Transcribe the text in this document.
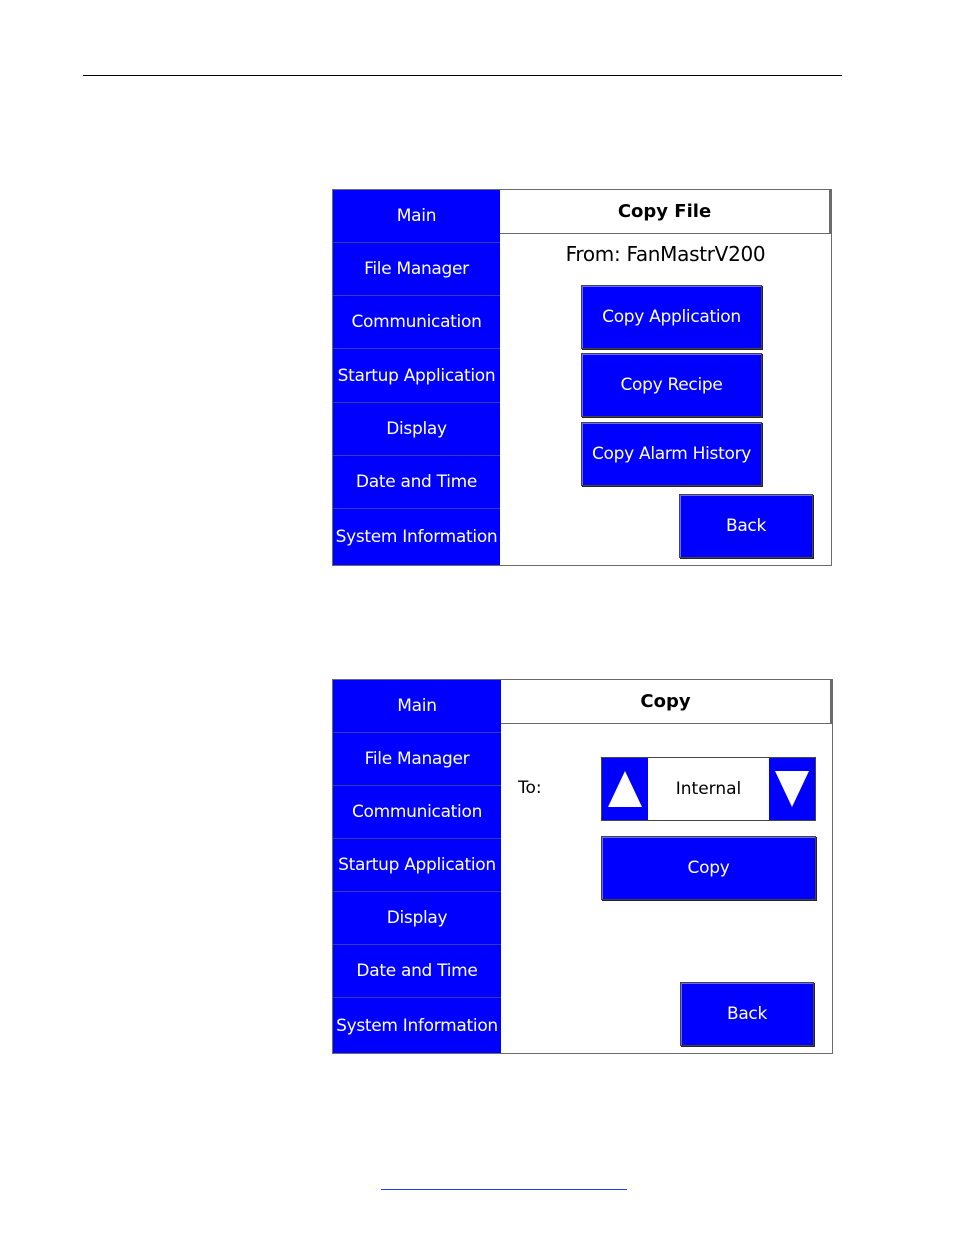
Main
File Manager
Communication
Startup Application
Display
Date and Time
System Information
Copy File
From: FanMastrV200
Copy Application
Copy Recipe
Copy Alarm History
Back
Main
File Manager
Communication
Startup Application
Display
Date and Time
System Information
Copy
To:	Internal
Copy
Back
